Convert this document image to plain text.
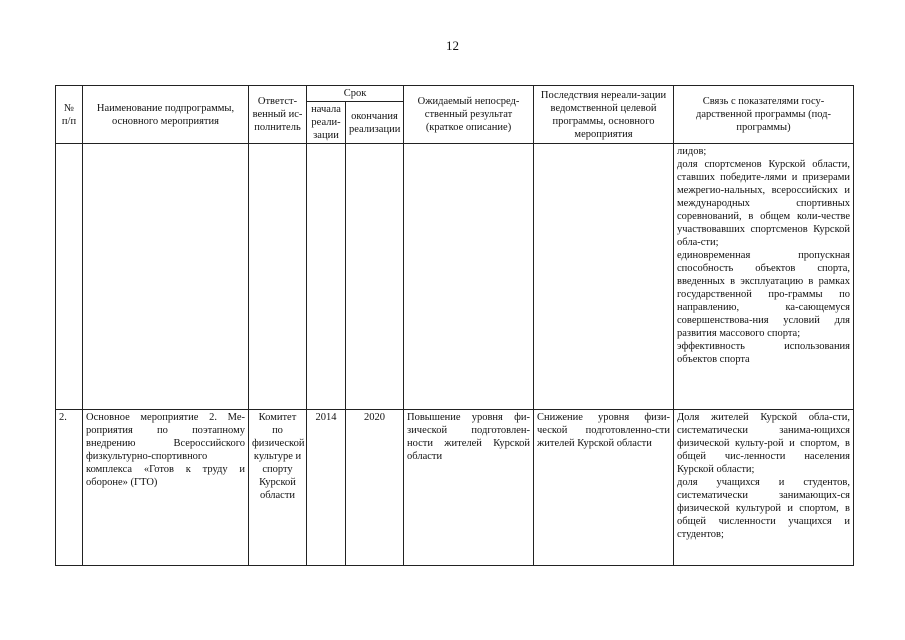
12
№ п/п	Наименование подпрограммы, основного мероприятия	Ответст-венный ис-полнитель	Срок		Ожидаемый непосред-ственный результат (краткое описание)	Последствия нереали-зации ведомственной целевой программы, основного мероприятия	Связь с показателями госу-дарственной программы (под-программы)
			начала реали-зации	окончания реализации			

							лидов;
доля спортсменов Курской области, ставших победите-лями и призерами межрегио-нальных, всероссийских и международных спортивных соревнований, в общем коли-честве участвовавших спортсменов Курской обла-сти;
единовременная пропускная способность объектов спорта, введенных в эксплуатацию в рамках государственной про-граммы по направлению, ка-сающемуся совершенствова-ния условий для развития массового спорта;
эффективность использования объектов спорта

2.	Основное мероприятие 2. Ме-роприятия по поэтапному внедрению Всероссийского физкультурно-спортивного комплекса «Готов к труду и обороне» (ГТО)	Комитет по физической культуре и спорту Курской области	2014	2020	Повышение уровня фи-зической подготовлен-ности жителей Курской области	Снижение уровня физи-ческой подготовленно-сти жителей Курской области	Доля жителей Курской обла-сти, систематически занима-ющихся физической культу-рой и спортом, в общей чис-ленности населения Курской области;
доля учащихся и студентов, систематически занимающих-ся физической культурой и спортом, в общей численности учащихся и студентов;
